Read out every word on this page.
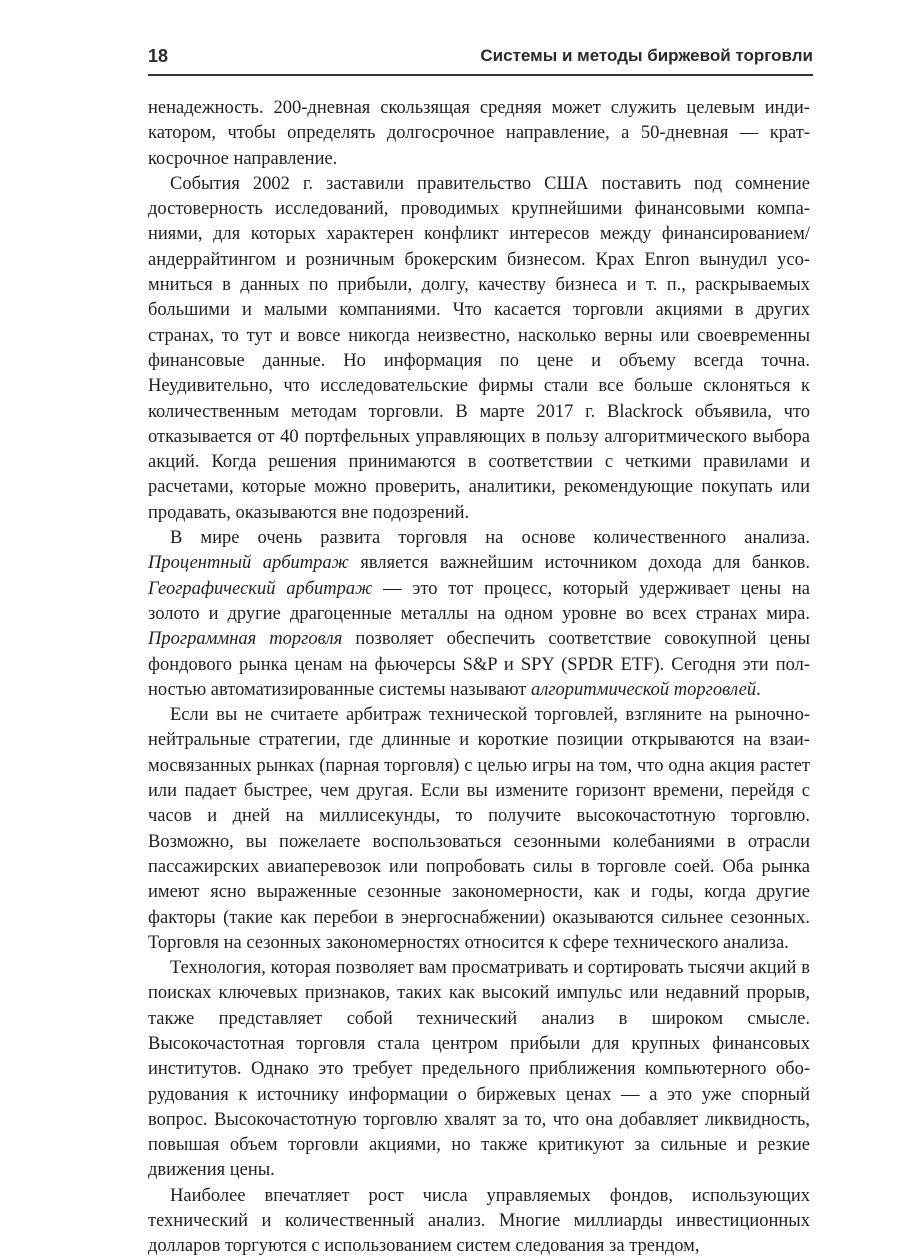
18	Системы и методы биржевой торговли

ненадежность. 200-дневная скользящая средняя может служить целевым индикатором, чтобы определять долгосрочное направление, а 50-дневная — краткосрочное направление.

События 2002 г. заставили правительство США поставить под сомнение достоверность исследований, проводимых крупнейшими финансовыми компаниями, для которых характерен конфликт интересов между финансированием/андеррайтингом и розничным брокерским бизнесом. Крах Enron вынудил усомниться в данных по прибыли, долгу, качеству бизнеса и т. п., раскрываемых большими и малыми компаниями. Что касается торговли акциями в других странах, то тут и вовсе никогда неизвестно, насколько верны или своевременны финансовые данные. Но информация по цене и объему всегда точна. Неудивительно, что исследовательские фирмы стали все больше склоняться к количественным методам торговли. В марте 2017 г. Blackrock объявила, что отказывается от 40 портфельных управляющих в пользу алгоритмического выбора акций. Когда решения принимаются в соответствии с четкими правилами и расчетами, которые можно проверить, аналитики, рекомендующие покупать или продавать, оказываются вне подозрений.

В мире очень развита торговля на основе количественного анализа. Процентный арбитраж является важнейшим источником дохода для банков. Географический арбитраж — это тот процесс, который удерживает цены на золото и другие драгоценные металлы на одном уровне во всех странах мира. Программная торговля позволяет обеспечить соответствие совокупной цены фондового рынка ценам на фьючерсы S&P и SPY (SPDR ETF). Сегодня эти полностью автоматизированные системы называют алгоритмической торговлей.

Если вы не считаете арбитраж технической торговлей, взгляните на рыночнонейтральные стратегии, где длинные и короткие позиции открываются на взаимосвязанных рынках (парная торговля) с целью игры на том, что одна акция растет или падает быстрее, чем другая. Если вы измените горизонт времени, перейдя с часов и дней на миллисекунды, то получите высокочастотную торговлю. Возможно, вы пожелаете воспользоваться сезонными колебаниями в отрасли пассажирских авиаперевозок или попробовать силы в торговле соей. Оба рынка имеют ясно выраженные сезонные закономерности, как и годы, когда другие факторы (такие как перебои в энергоснабжении) оказываются сильнее сезонных. Торговля на сезонных закономерностях относится к сфере технического анализа.

Технология, которая позволяет вам просматривать и сортировать тысячи акций в поисках ключевых признаков, таких как высокий импульс или недавний прорыв, также представляет собой технический анализ в широком смысле. Высокочастотная торговля стала центром прибыли для крупных финансовых институтов. Однако это требует предельного приближения компьютерного оборудования к источнику информации о биржевых ценах — а это уже спорный вопрос. Высокочастотную торговлю хвалят за то, что она добавляет ликвидность, повышая объем торговли акциями, но также критикуют за сильные и резкие движения цены.

Наиболее впечатляет рост числа управляемых фондов, использующих технический и количественный анализ. Многие миллиарды инвестиционных долларов торгуются с использованием систем следования за трендом,
